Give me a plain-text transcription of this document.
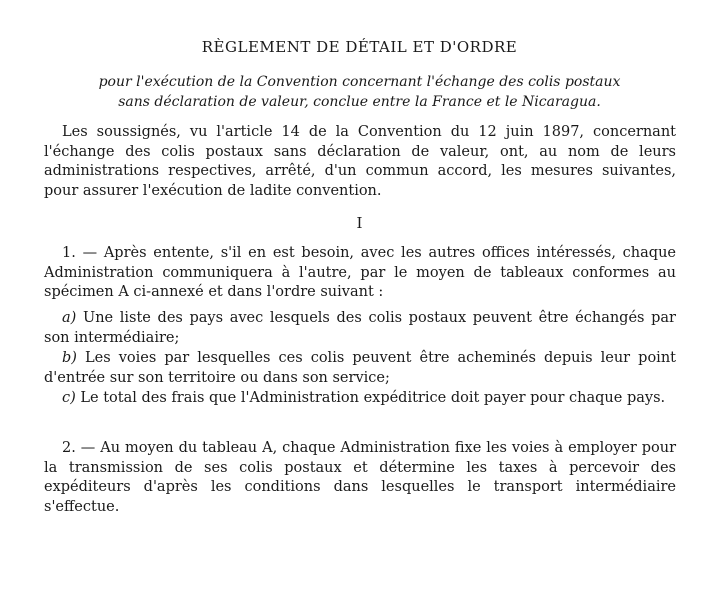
RÈGLEMENT DE DÉTAIL ET D'ORDRE
pour l'exécution de la Convention concernant l'échange des colis postaux
sans déclaration de valeur, conclue entre la France et le Nicaragua.
Les soussignés, vu l'article 14 de la Convention du 12 juin 1897, concernant l'échange des colis postaux sans déclaration de valeur, ont, au nom de leurs administrations respectives, arrêté, d'un commun accord, les mesures suivantes, pour assurer l'exécution de ladite convention.
I
1. — Après entente, s'il en est besoin, avec les autres offices intéressés, chaque Administration communiquera à l'autre, par le moyen de tableaux conformes au spécimen A ci-annexé et dans l'ordre suivant :
a) Une liste des pays avec lesquels des colis postaux peuvent être échangés par son intermédiaire;
b) Les voies par lesquelles ces colis peuvent être acheminés depuis leur point d'entrée sur son territoire ou dans son service;
c) Le total des frais que l'Administration expéditrice doit payer pour chaque pays.
2. — Au moyen du tableau A, chaque Administration fixe les voies à employer pour la transmission de ses colis postaux et détermine les taxes à percevoir des expéditeurs d'après les conditions dans lesquelles le transport intermédiaire s'effectue.
